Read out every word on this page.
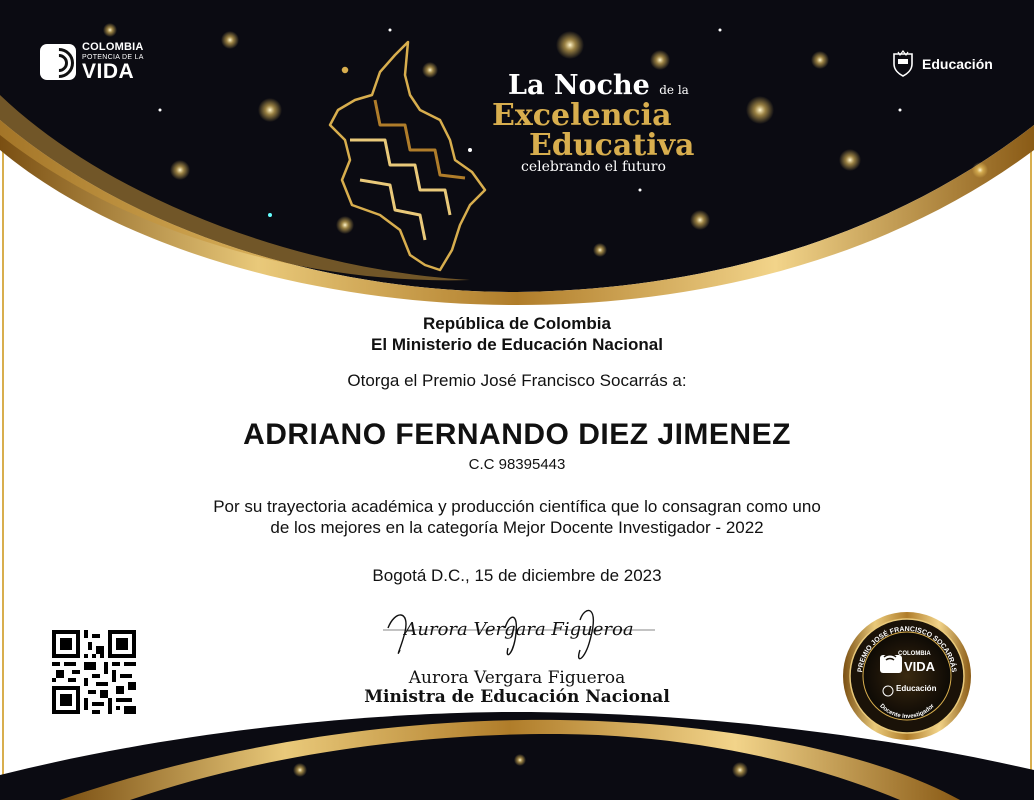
COLOMBIA
POTENCIA DE LA
VIDA	Educación
La Noche de la
Excelencia
Educativa
celebrando el futuro
República de Colombia
El Ministerio de Educación Nacional
Otorga el Premio José Francisco Socarrás a:
ADRIANO FERNANDO DIEZ JIMENEZ
C.C 98395443
Por su trayectoria académica y producción científica que lo consagran como uno
de los mejores en la categoría Mejor Docente Investigador - 2022
Bogotá D.C., 15 de diciembre de 2023
Aurora Vergara Figueroa
Aurora Vergara Figueroa
Ministra de Educación Nacional
PREMIO JOSÉ FRANCISCO SOCARRÁS
Docente Investigador
COLOMBIA
VIDA
Educación
